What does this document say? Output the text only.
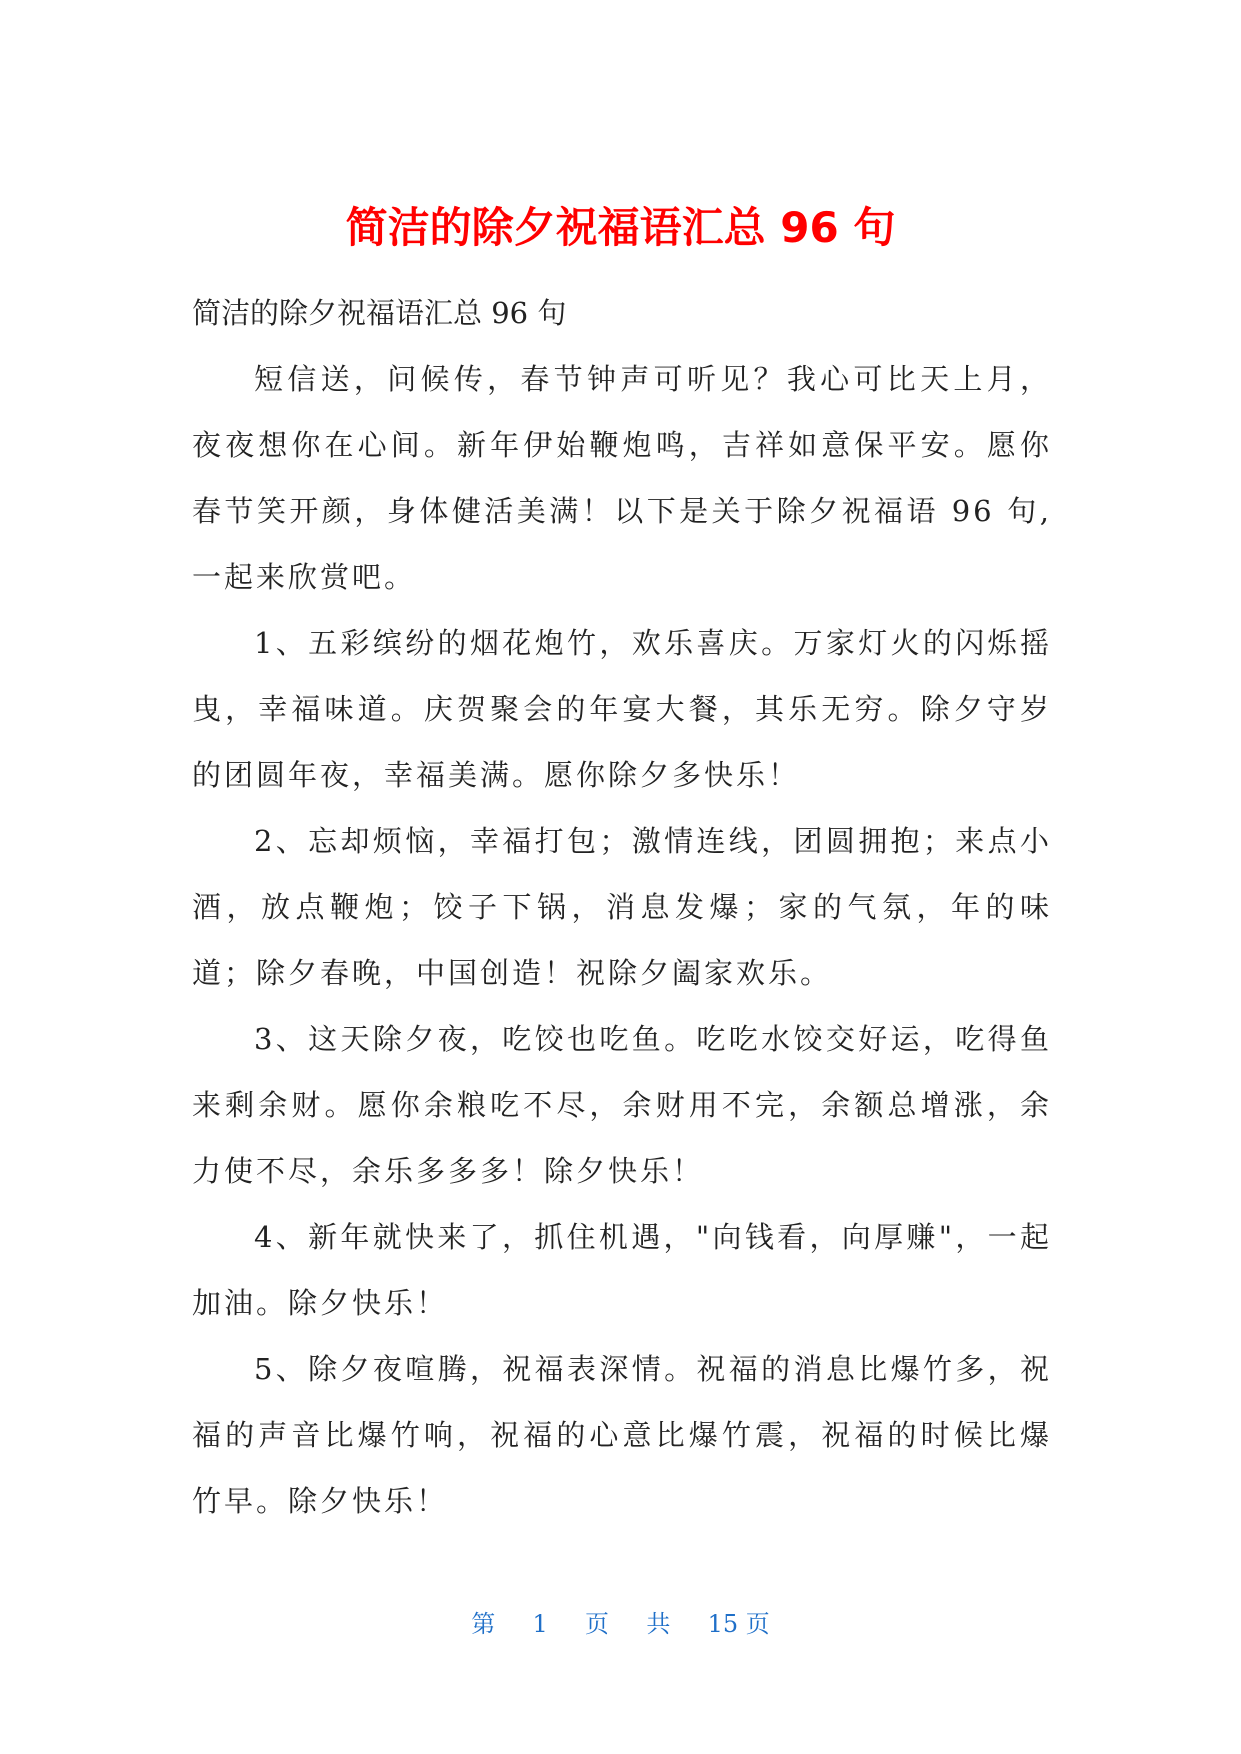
简洁的除夕祝福语汇总 96 句

简洁的除夕祝福语汇总 96 句

短信送，问候传，春节钟声可听见？我心可比天上月，夜夜想你在心间。新年伊始鞭炮鸣，吉祥如意保平安。愿你春节笑开颜，身体健活美满！以下是关于除夕祝福语 96 句,一起来欣赏吧。

1、五彩缤纷的烟花炮竹，欢乐喜庆。万家灯火的闪烁摇曳，幸福味道。庆贺聚会的年宴大餐，其乐无穷。除夕守岁的团圆年夜，幸福美满。愿你除夕多快乐！

2、忘却烦恼，幸福打包；激情连线，团圆拥抱；来点小酒，放点鞭炮；饺子下锅，消息发爆；家的气氛，年的味道；除夕春晚，中国创造！祝除夕阖家欢乐。

3、这天除夕夜，吃饺也吃鱼。吃吃水饺交好运，吃得鱼来剩余财。愿你余粮吃不尽，余财用不完，余额总增涨，余力使不尽，余乐多多多！除夕快乐！

4、新年就快来了，抓住机遇，"向钱看，向厚赚"，一起加油。除夕快乐！

5、除夕夜喧腾，祝福表深情。祝福的消息比爆竹多，祝福的声音比爆竹响，祝福的心意比爆竹震，祝福的时候比爆竹早。除夕快乐！

第 1 页 共 15 页
